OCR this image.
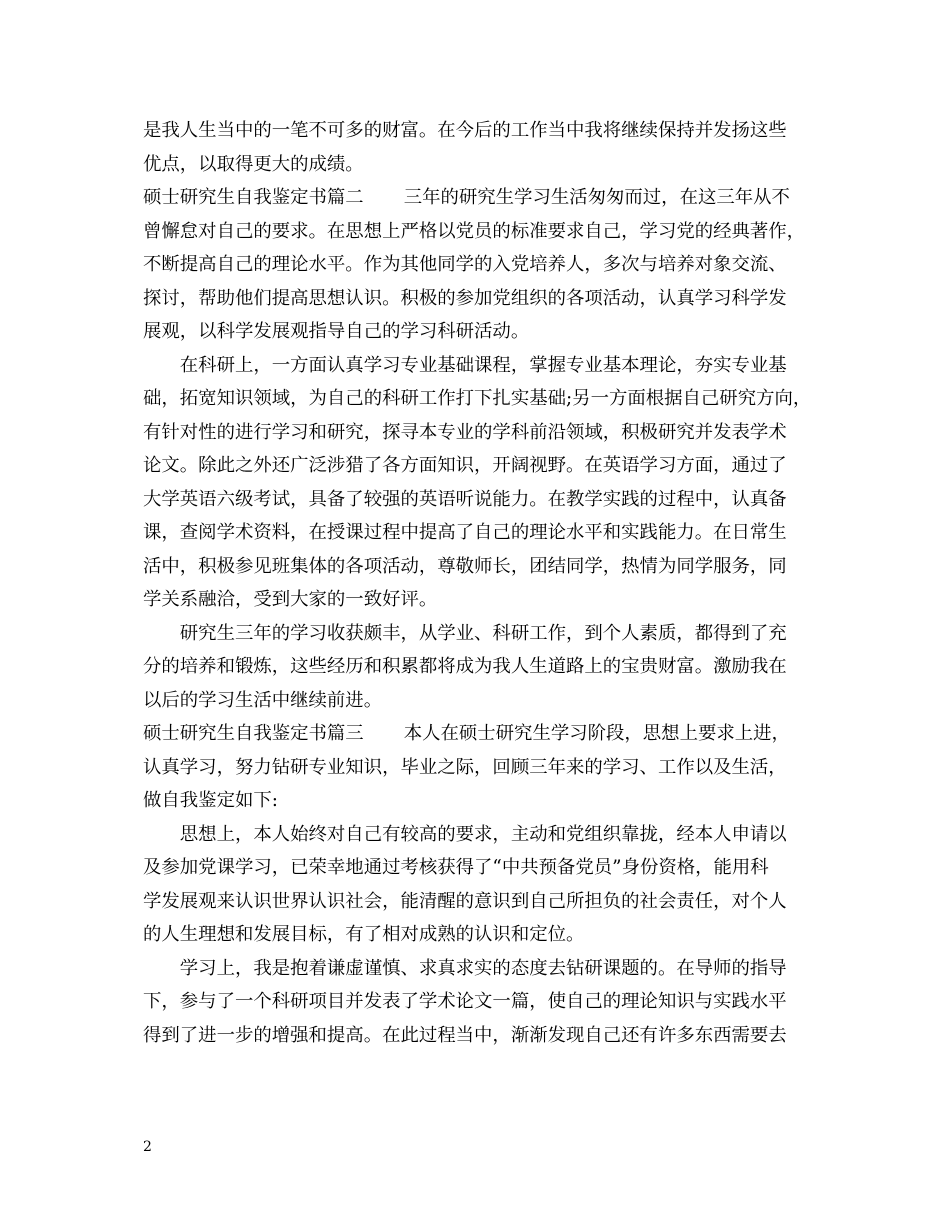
是我人生当中的一笔不可多的财富。在今后的工作当中我将继续保持并发扬这些
优点，以取得更大的成绩。
硕士研究生自我鉴定书篇二 三年的研究生学习生活匆匆而过，在这三年从不
曾懈怠对自己的要求。在思想上严格以党员的标准要求自己，学习党的经典著作，
不断提高自己的理论水平。作为其他同学的入党培养人，多次与培养对象交流、
探讨，帮助他们提高思想认识。积极的参加党组织的各项活动，认真学习科学发
展观，以科学发展观指导自己的学习科研活动。
　　在科研上，一方面认真学习专业基础课程，掌握专业基本理论，夯实专业基
础，拓宽知识领域，为自己的科研工作打下扎实基础;另一方面根据自己研究方向，
有针对性的进行学习和研究，探寻本专业的学科前沿领域，积极研究并发表学术
论文。除此之外还广泛涉猎了各方面知识，开阔视野。在英语学习方面，通过了
大学英语六级考试，具备了较强的英语听说能力。在教学实践的过程中，认真备
课，查阅学术资料，在授课过程中提高了自己的理论水平和实践能力。在日常生
活中，积极参见班集体的各项活动，尊敬师长，团结同学，热情为同学服务，同
学关系融洽，受到大家的一致好评。
　　研究生三年的学习收获颇丰，从学业、科研工作，到个人素质，都得到了充
分的培养和锻炼，这些经历和积累都将成为我人生道路上的宝贵财富。激励我在
以后的学习生活中继续前进。
硕士研究生自我鉴定书篇三 本人在硕士研究生学习阶段，思想上要求上进，
认真学习，努力钻研专业知识，毕业之际，回顾三年来的学习、工作以及生活，
做自我鉴定如下:
　　思想上，本人始终对自己有较高的要求，主动和党组织靠拢，经本人申请以
及参加党课学习，已荣幸地通过考核获得了“中共预备党员”身份资格，能用科
学发展观来认识世界认识社会，能清醒的意识到自己所担负的社会责任，对个人
的人生理想和发展目标，有了相对成熟的认识和定位。
　　学习上，我是抱着谦虚谨慎、求真求实的态度去钻研课题的。在导师的指导
下，参与了一个科研项目并发表了学术论文一篇，使自己的理论知识与实践水平
得到了进一步的增强和提高。在此过程当中，渐渐发现自己还有许多东西需要去
2
